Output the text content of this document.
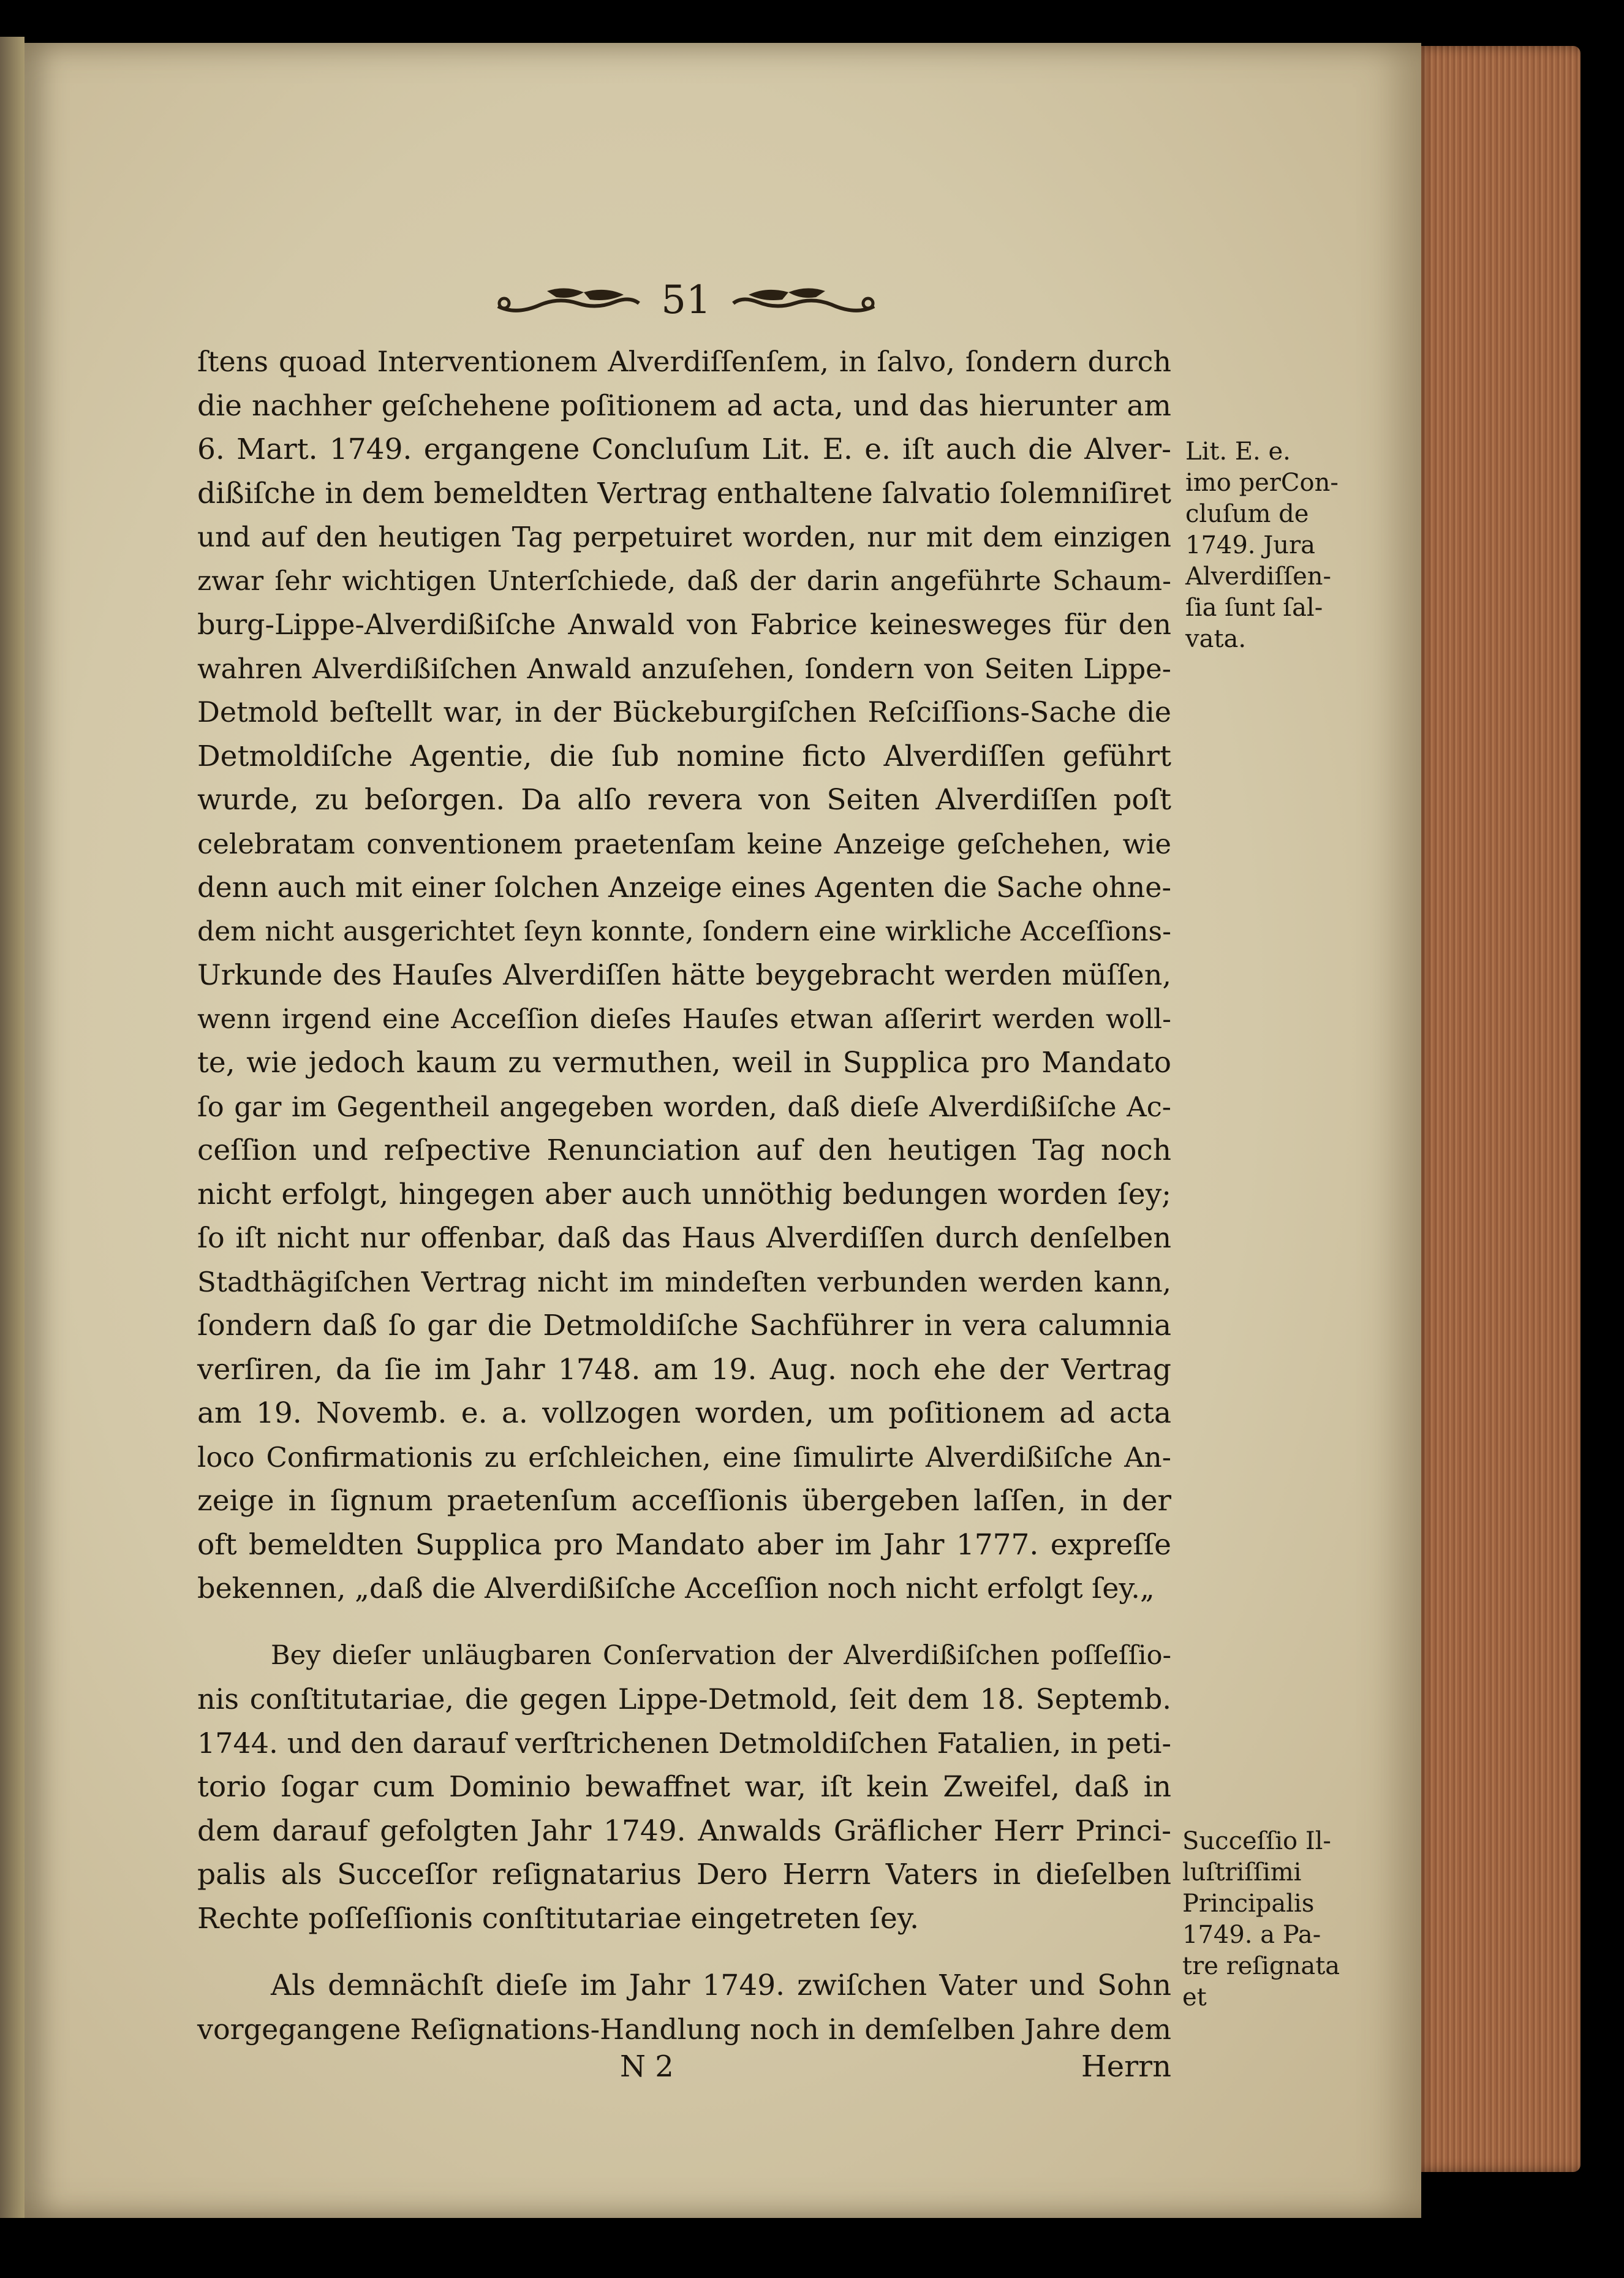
51
ſtens quoad Interventionem Alverdiſſenſem, in ſalvo, ſondern durch
die nachher geſchehene poſitionem ad acta, und das hierunter am
6. Mart. 1749. ergangene Concluſum Lit. E. e. iſt auch die Alver-
dißiſche in dem bemeldten Vertrag enthaltene ſalvatio ſolemniſiret
und auf den heutigen Tag perpetuiret worden, nur mit dem einzigen
zwar ſehr wichtigen Unterſchiede, daß der darin angeführte Schaum-
burg-Lippe-Alverdißiſche Anwald von Fabrice keinesweges für den
wahren Alverdißiſchen Anwald anzuſehen, ſondern von Seiten Lippe-
Detmold beſtellt war, in der Bückeburgiſchen Reſciſſions-Sache die
Detmoldiſche Agentie, die ſub nomine ficto Alverdiſſen geführt
wurde, zu beſorgen. Da alſo revera von Seiten Alverdiſſen poſt
celebratam conventionem praetenſam keine Anzeige geſchehen, wie
denn auch mit einer ſolchen Anzeige eines Agenten die Sache ohne-
dem nicht ausgerichtet ſeyn konnte, ſondern eine wirkliche Acceſſions-
Urkunde des Hauſes Alverdiſſen hätte beygebracht werden müſſen,
wenn irgend eine Acceſſion dieſes Hauſes etwan aſſerirt werden woll-
te, wie jedoch kaum zu vermuthen, weil in Supplica pro Mandato
ſo gar im Gegentheil angegeben worden, daß dieſe Alverdißiſche Ac-
ceſſion und reſpective Renunciation auf den heutigen Tag noch
nicht erfolgt, hingegen aber auch unnöthig bedungen worden ſey;
ſo iſt nicht nur offenbar, daß das Haus Alverdiſſen durch denſelben
Stadthägiſchen Vertrag nicht im mindeſten verbunden werden kann,
ſondern daß ſo gar die Detmoldiſche Sachführer in vera calumnia
verſiren, da ſie im Jahr 1748. am 19. Aug. noch ehe der Vertrag
am 19. Novemb. e. a. vollzogen worden, um poſitionem ad acta
loco Confirmationis zu erſchleichen, eine ſimulirte Alverdißiſche An-
zeige in ſignum praetenſum acceſſionis übergeben laſſen, in der
oft bemeldten Supplica pro Mandato aber im Jahr 1777. expreſſe
bekennen, „daß die Alverdißiſche Acceſſion noch nicht erfolgt ſey.„
Bey dieſer unläugbaren Conſervation der Alverdißiſchen poſſeſſio-
nis conſtitutariae, die gegen Lippe-Detmold, ſeit dem 18. Septemb.
1744. und den darauf verſtrichenen Detmoldiſchen Fatalien, in peti-
torio ſogar cum Dominio bewaffnet war, iſt kein Zweifel, daß in
dem darauf gefolgten Jahr 1749. Anwalds Gräflicher Herr Princi-
palis als Succeſſor reſignatarius Dero Herrn Vaters in dieſelben
Rechte poſſeſſionis conſtitutariae eingetreten ſey.
Als demnächſt dieſe im Jahr 1749. zwiſchen Vater und Sohn
vorgegangene Reſignations-Handlung noch in demſelben Jahre dem
Lit. E. e.
imo perCon-
cluſum de
1749. Jura
Alverdiſſen-
ſia ſunt ſal-
vata.
Succeſſio Il-
luſtriſſimi
Principalis
1749. a Pa-
tre reſignata
et
N 2	Herrn
